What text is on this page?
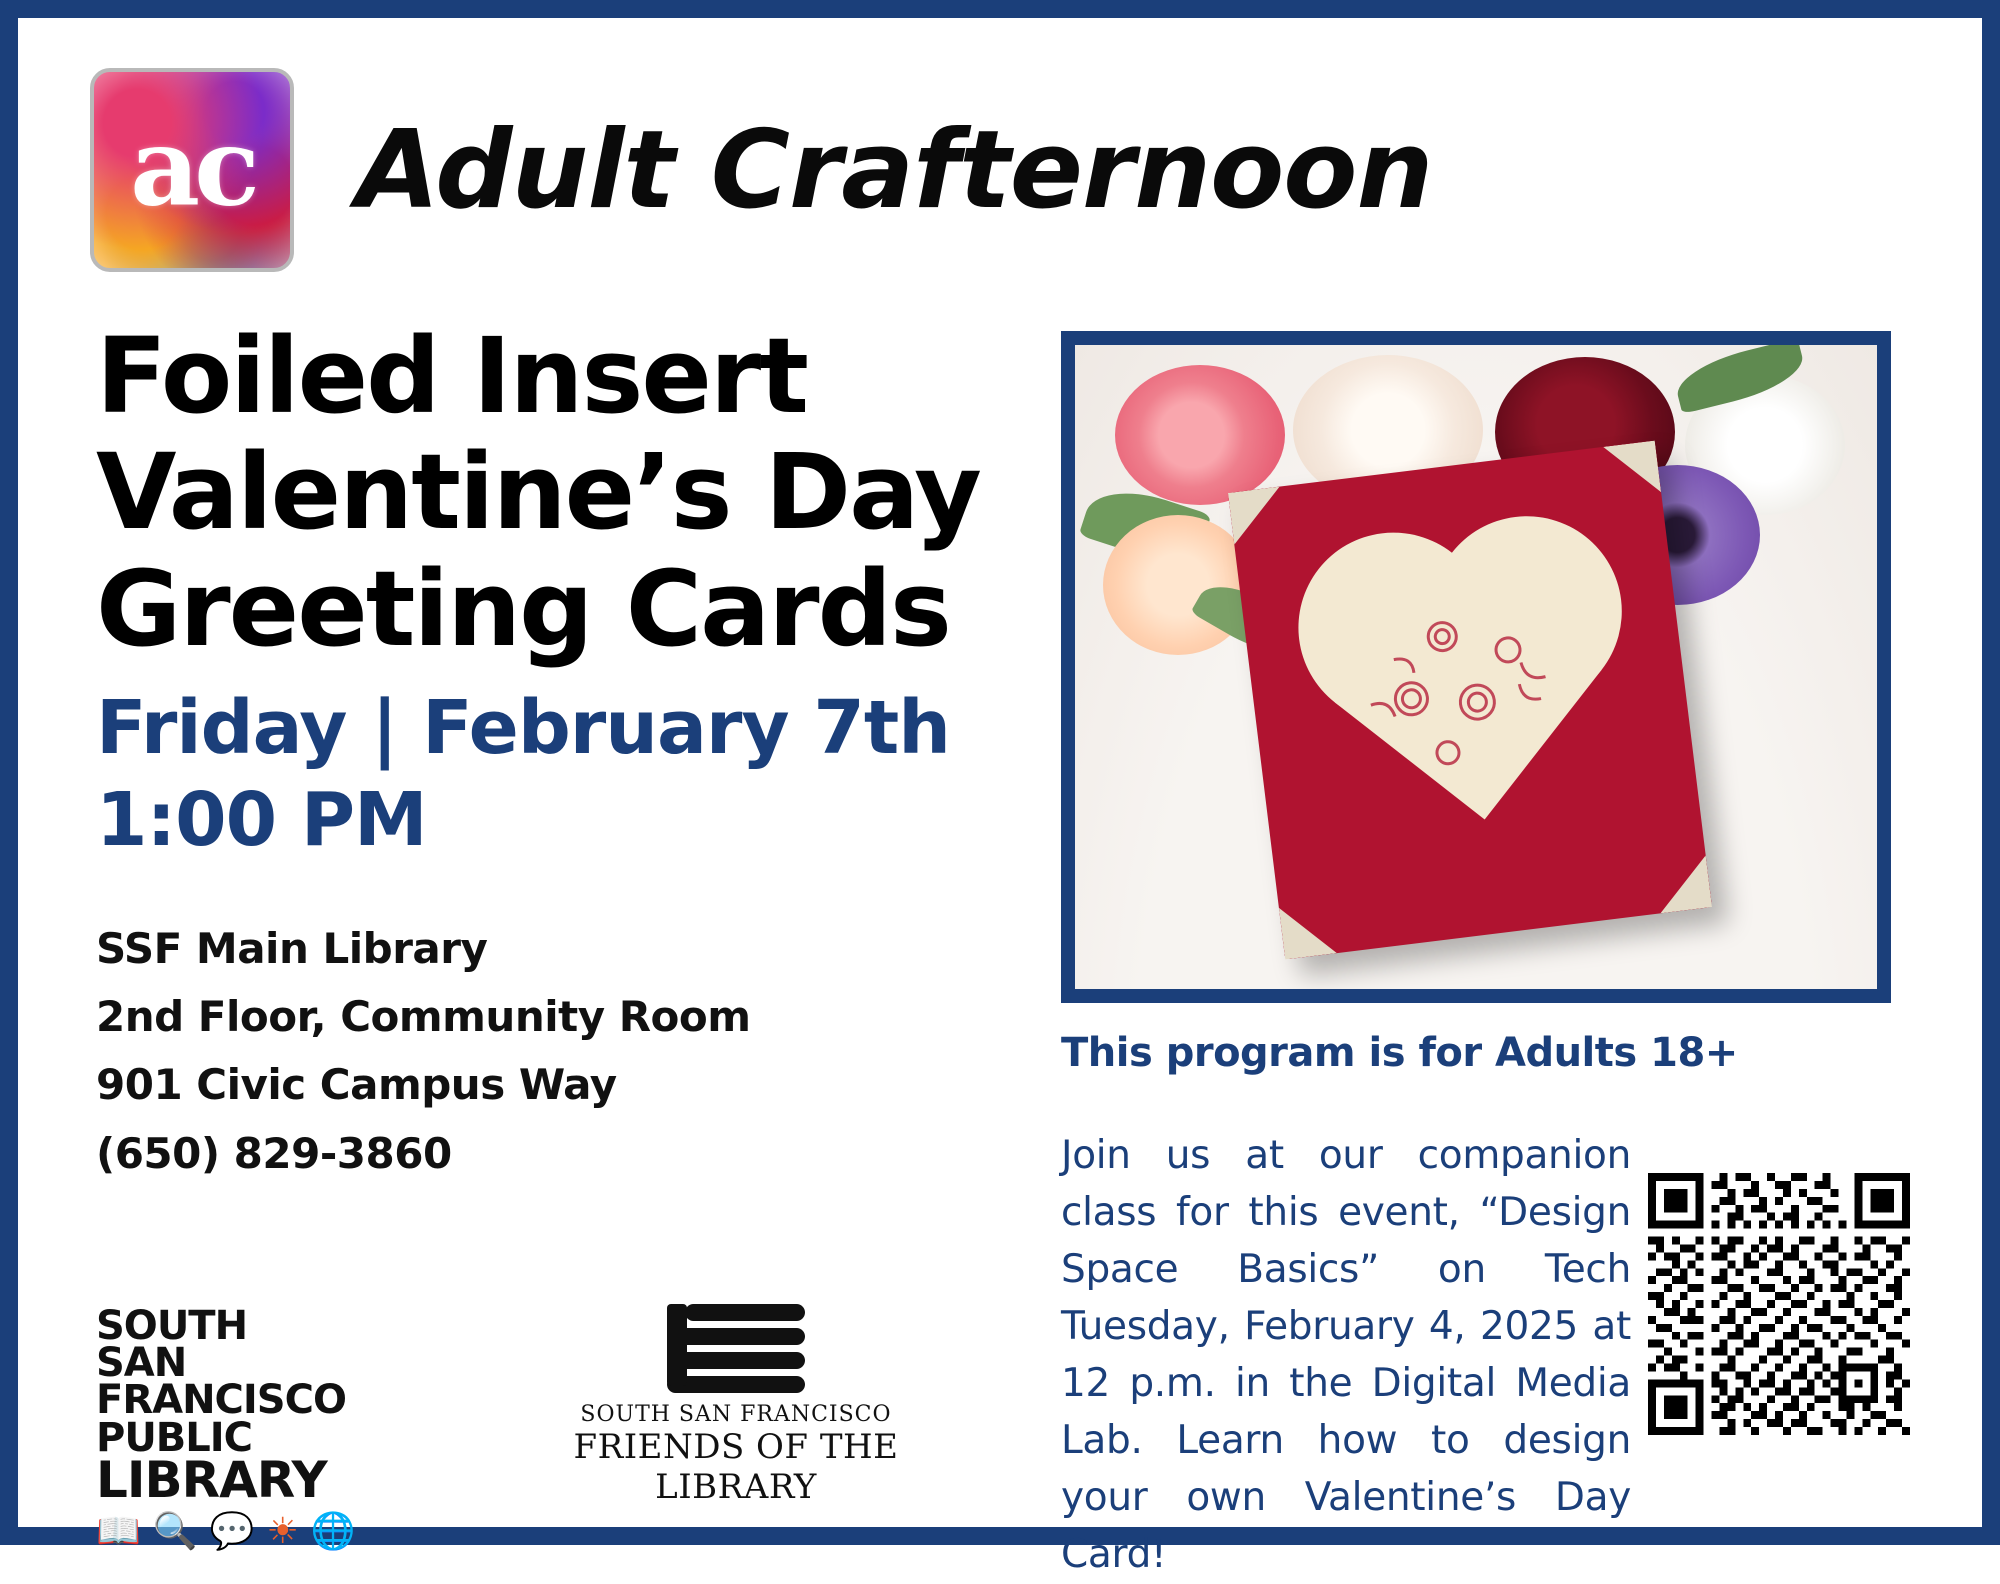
ac Adult Crafternoon
Foiled Insert
Valentine’s Day
Greeting Cards
Friday | February 7th
1:00 PM
SSF Main Library
2nd Floor, Community Room
901 Civic Campus Way
(650) 829-3860
SOUTH
SAN
FRANCISCO
PUBLIC
LIBRARY
📖 🔍 💬 ☀ 🌐
SOUTH SAN FRANCISCO
FRIENDS OF THE LIBRARY
This program is for Adults 18+
Join us at our companion class for this event, “Design Space Basics” on Tech Tuesday, February 4, 2025 at 12 p.m. in the Digital Media Lab. Learn how to design your own Valentine’s Day Card!
